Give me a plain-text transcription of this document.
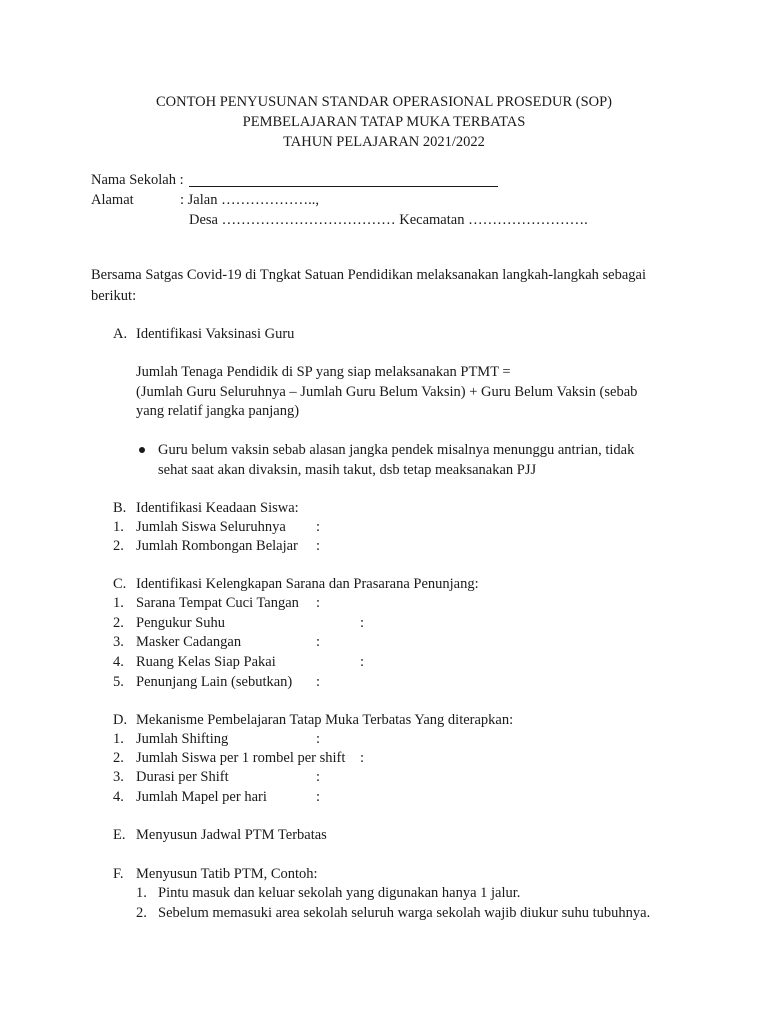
CONTOH PENYUSUNAN STANDAR OPERASIONAL PROSEDUR (SOP)
PEMBELAJARAN TATAP MUKA TERBATAS
TAHUN PELAJARAN 2021/2022
Nama Sekolah :
Alamat	: Jalan ………………..,
Desa ……………………………… Kecamatan …………………….
Bersama Satgas Covid-19 di Tngkat Satuan Pendidikan melaksanakan langkah-langkah sebagai
berikut:
A. Identifikasi Vaksinasi Guru
Jumlah Tenaga Pendidik di SP yang siap melaksanakan PTMT =
(Jumlah Guru Seluruhnya – Jumlah Guru Belum Vaksin) + Guru Belum Vaksin (sebab
yang relatif jangka panjang)
Guru belum vaksin sebab alasan jangka pendek misalnya menunggu antrian, tidak
sehat saat akan divaksin, masih takut, dsb tetap meaksanakan PJJ
B. Identifikasi Keadaan Siswa:
1. Jumlah Siswa Seluruhnya :
2. Jumlah Rombongan Belajar :
C. Identifikasi Kelengkapan Sarana dan Prasarana Penunjang:
1. Sarana Tempat Cuci Tangan :
2. Pengukur Suhu	:
3. Masker Cadangan	:
4. Ruang Kelas Siap Pakai	:
5. Penunjang Lain (sebutkan) :
D. Mekanisme Pembelajaran Tatap Muka Terbatas Yang diterapkan:
1. Jumlah Shifting	:
2. Jumlah Siswa per 1 rombel per shift :
3. Durasi per Shift	:
4. Jumlah Mapel per hari	:
E. Menyusun Jadwal PTM Terbatas
F. Menyusun Tatib PTM, Contoh:
1. Pintu masuk dan keluar sekolah yang digunakan hanya 1 jalur.
2. Sebelum memasuki area sekolah seluruh warga sekolah wajib diukur suhu tubuhnya.
